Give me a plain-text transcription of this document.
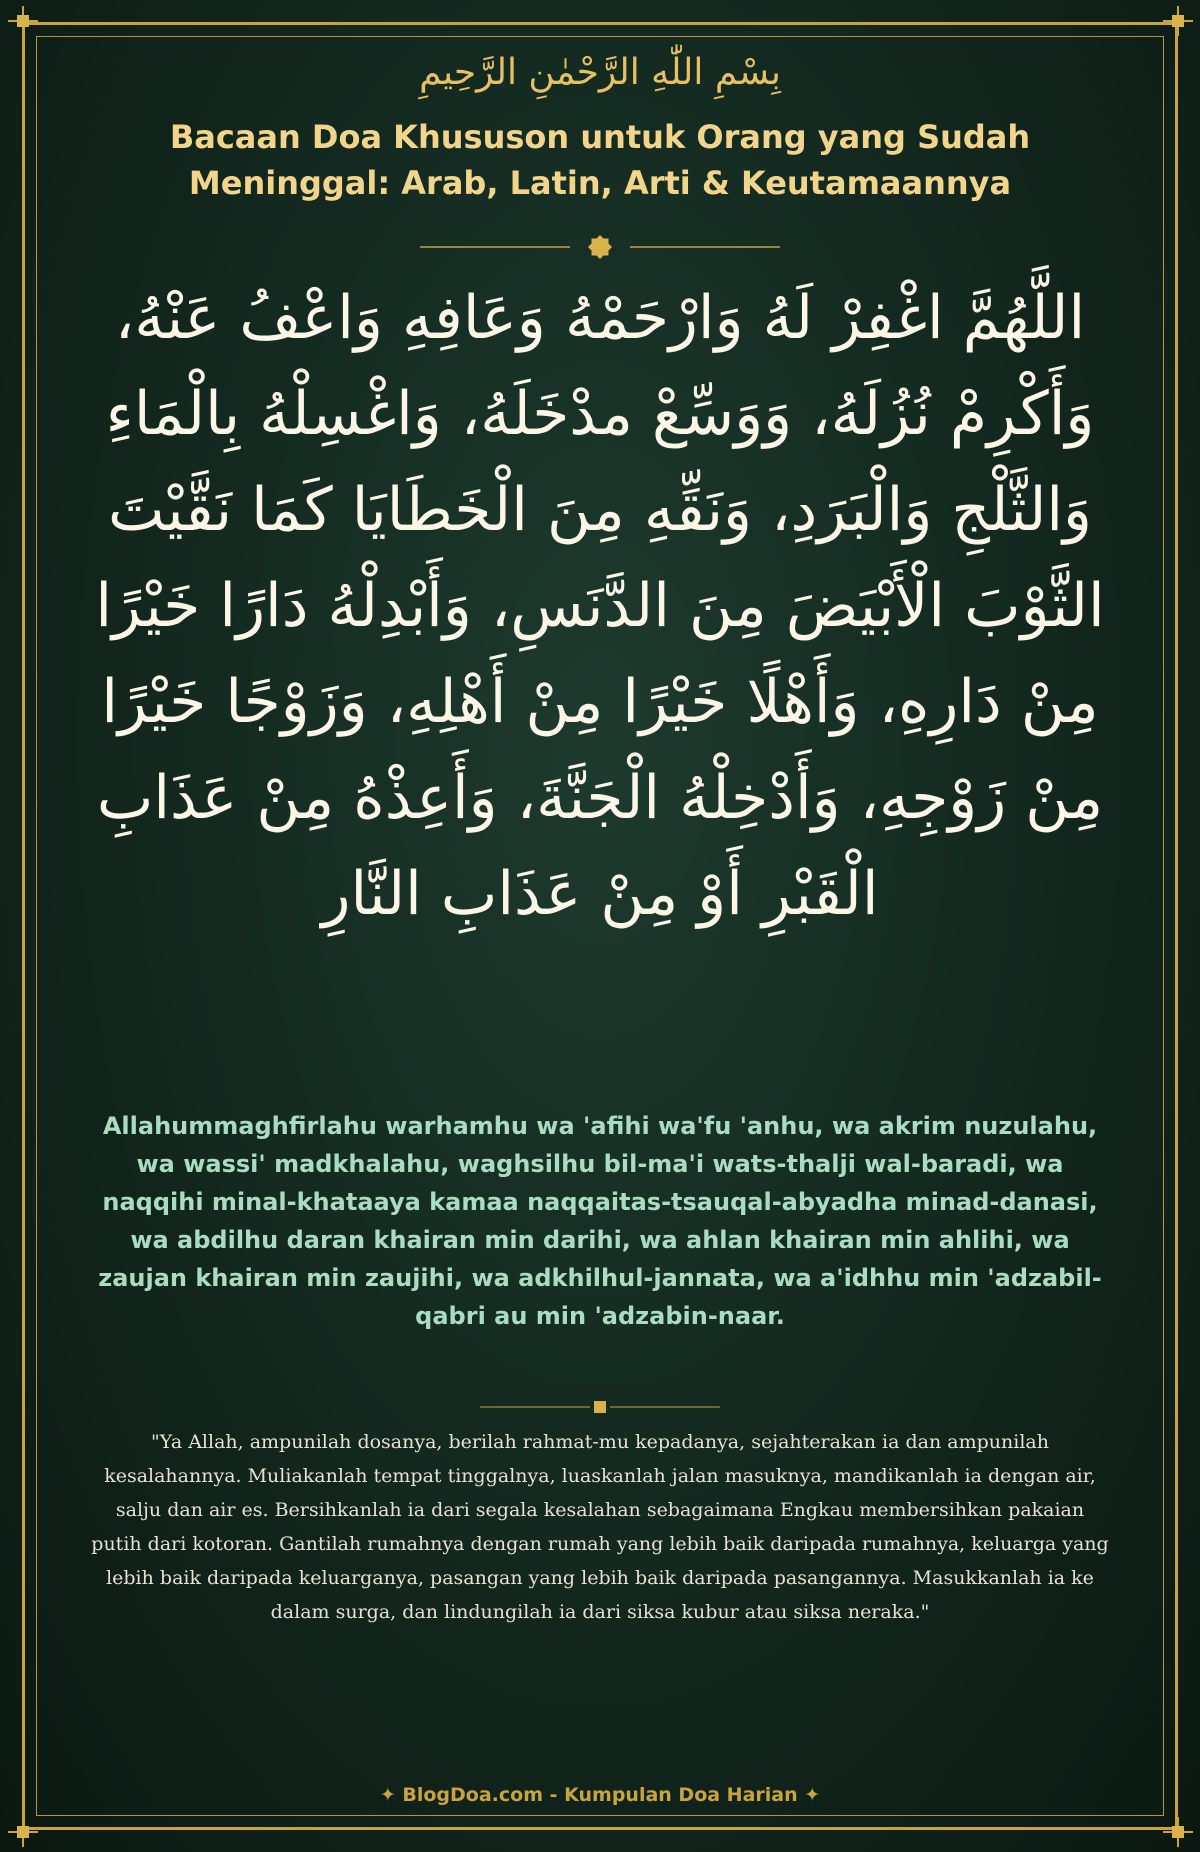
بِسْمِ اللّٰهِ الرَّحْمٰنِ الرَّحِيمِ
Bacaan Doa Khususon untuk Orang yang Sudah Meninggal: Arab, Latin, Arti & Keutamaannya
اللَّهُمَّ اغْفِرْ لَهُ وَارْحَمْهُ وَعَافِهِ وَاعْفُ عَنْهُ، وَأَكْرِمْ نُزُلَهُ، وَوَسِّعْ مدْخَلَهُ، وَاغْسِلْهُ بِالْمَاءِ وَالثَّلْجِ وَالْبَرَدِ، وَنَقِّهِ مِنَ الْخَطَايَا كَمَا نَقَّيْتَ الثَّوْبَ الْأَبْيَضَ مِنَ الدَّنَسِ، وَأَبْدِلْهُ دَارًا خَيْرًا مِنْ دَارِهِ، وَأَهْلًا خَيْرًا مِنْ أَهْلِهِ، وَزَوْجًا خَيْرًا مِنْ زَوْجِهِ، وَأَدْخِلْهُ الْجَنَّةَ، وَأَعِذْهُ مِنْ عَذَابِ الْقَبْرِ أَوْ مِنْ عَذَابِ النَّارِ
Allahummaghfirlahu warhamhu wa 'afihi wa'fu 'anhu, wa akrim nuzulahu, wa wassi' madkhalahu, waghsilhu bil-ma'i wats-thalji wal-baradi, wa naqqihi minal-khataaya kamaa naqqaitas-tsauqal-abyadha minad-danasi, wa abdilhu daran khairan min darihi, wa ahlan khairan min ahlihi, wa zaujan khairan min zaujihi, wa adkhilhul-jannata, wa a'idhhu min 'adzabil-qabri au min 'adzabin-naar.
"Ya Allah, ampunilah dosanya, berilah rahmat-mu kepadanya, sejahterakan ia dan ampunilah kesalahannya. Muliakanlah tempat tinggalnya, luaskanlah jalan masuknya, mandikanlah ia dengan air, salju dan air es. Bersihkanlah ia dari segala kesalahan sebagaimana Engkau membersihkan pakaian putih dari kotoran. Gantilah rumahnya dengan rumah yang lebih baik daripada rumahnya, keluarga yang lebih baik daripada keluarganya, pasangan yang lebih baik daripada pasangannya. Masukkanlah ia ke dalam surga, dan lindungilah ia dari siksa kubur atau siksa neraka."
✦ BlogDoa.com - Kumpulan Doa Harian ✦
